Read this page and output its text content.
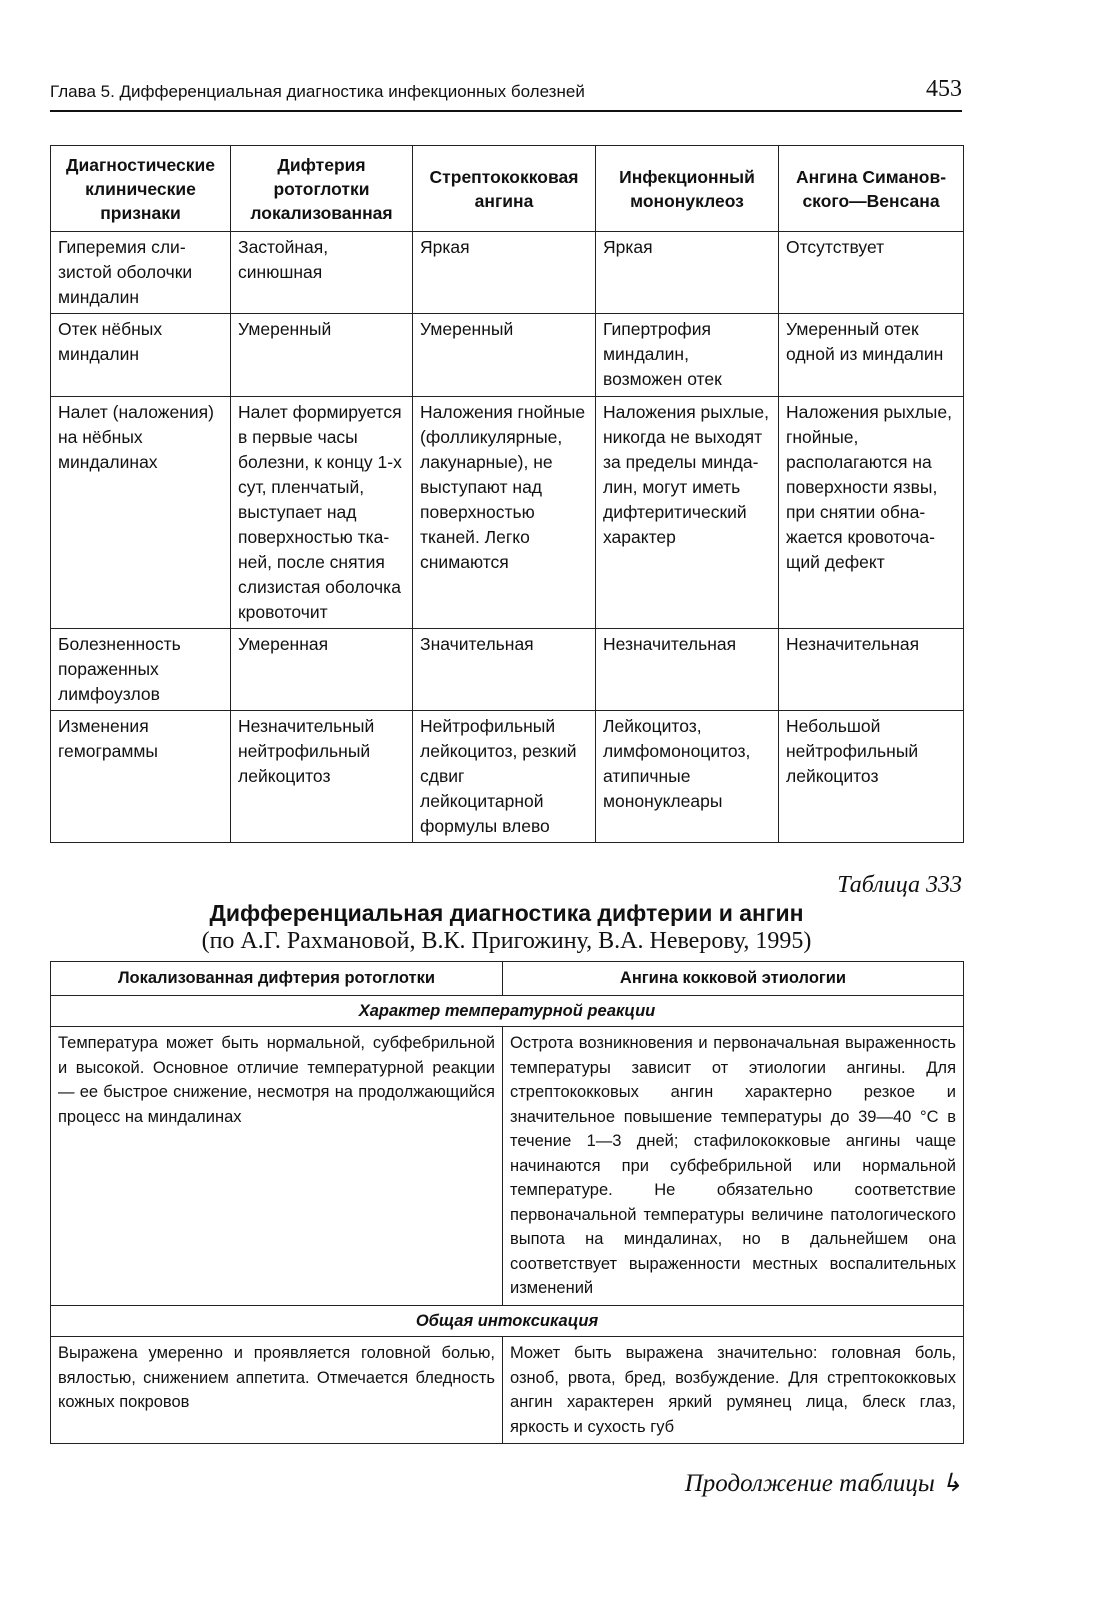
Глава 5. Дифференциальная диагностика инфекционных болезней	453
Диагностические клинические признаки	Дифтерия ротоглотки локализованная	Стрептококковая ангина	Инфекционный мононуклеоз	Ангина Симановского—Венсана
Гиперемия слизистой оболочки миндалин	Застойная, синюшная	Яркая	Яркая	Отсутствует
Отек нёбных миндалин	Умеренный	Умеренный	Гипертрофия миндалин, возможен отек	Умеренный отек одной из миндалин
Налет (наложения) на нёбных миндалинах	Налет формируется в первые часы болезни, к концу 1-х сут, пленчатый, выступает над поверхностью тканей, после снятия слизистая оболочка кровоточит	Наложения гнойные (фолликулярные, лакунарные), не выступают над поверхностью тканей. Легко снимаются	Наложения рыхлые, никогда не выходят за пределы миндалин, могут иметь дифтеритический характер	Наложения рыхлые, гнойные, располагаются на поверхности язвы, при снятии обнажается кровоточащий дефект
Болезненность пораженных лимфоузлов	Умеренная	Значительная	Незначительная	Незначительная
Изменения гемограммы	Незначительный нейтрофильный лейкоцитоз	Нейтрофильный лейкоцитоз, резкий сдвиг лейкоцитарной формулы влево	Лейкоцитоз, лимфомоноцитоз, атипичные мононуклеары	Небольшой нейтрофильный лейкоцитоз
Таблица 333
Дифференциальная диагностика дифтерии и ангин
(по А.Г. Рахмановой, В.К. Пригожину, В.А. Неверову, 1995)
Локализованная дифтерия ротоглотки	Ангина кокковой этиологии
Характер температурной реакции	
Температура может быть нормальной, субфебрильной и высокой. Основное отличие температурной реакции — ее быстрое снижение, несмотря на продолжающийся процесс на миндалинах	Острота возникновения и первоначальная выраженность температуры зависит от этиологии ангины. Для стрептококковых ангин характерно резкое и значительное повышение температуры до 39—40 °С в течение 1—3 дней; стафилококковые ангины чаще начинаются при субфебрильной или нормальной температуре. Не обязательно соответствие первоначальной температуры величине патологического выпота на миндалинах, но в дальнейшем она соответствует выраженности местных воспалительных изменений
Общая интоксикация	
Выражена умеренно и проявляется головной болью, вялостью, снижением аппетита. Отмечается бледность кожных покровов	Может быть выражена значительно: головная боль, озноб, рвота, бред, возбуждение. Для стрептококковых ангин характерен яркий румянец лица, блеск глаз, яркость и сухость губ
Продолжение таблицы ↳
